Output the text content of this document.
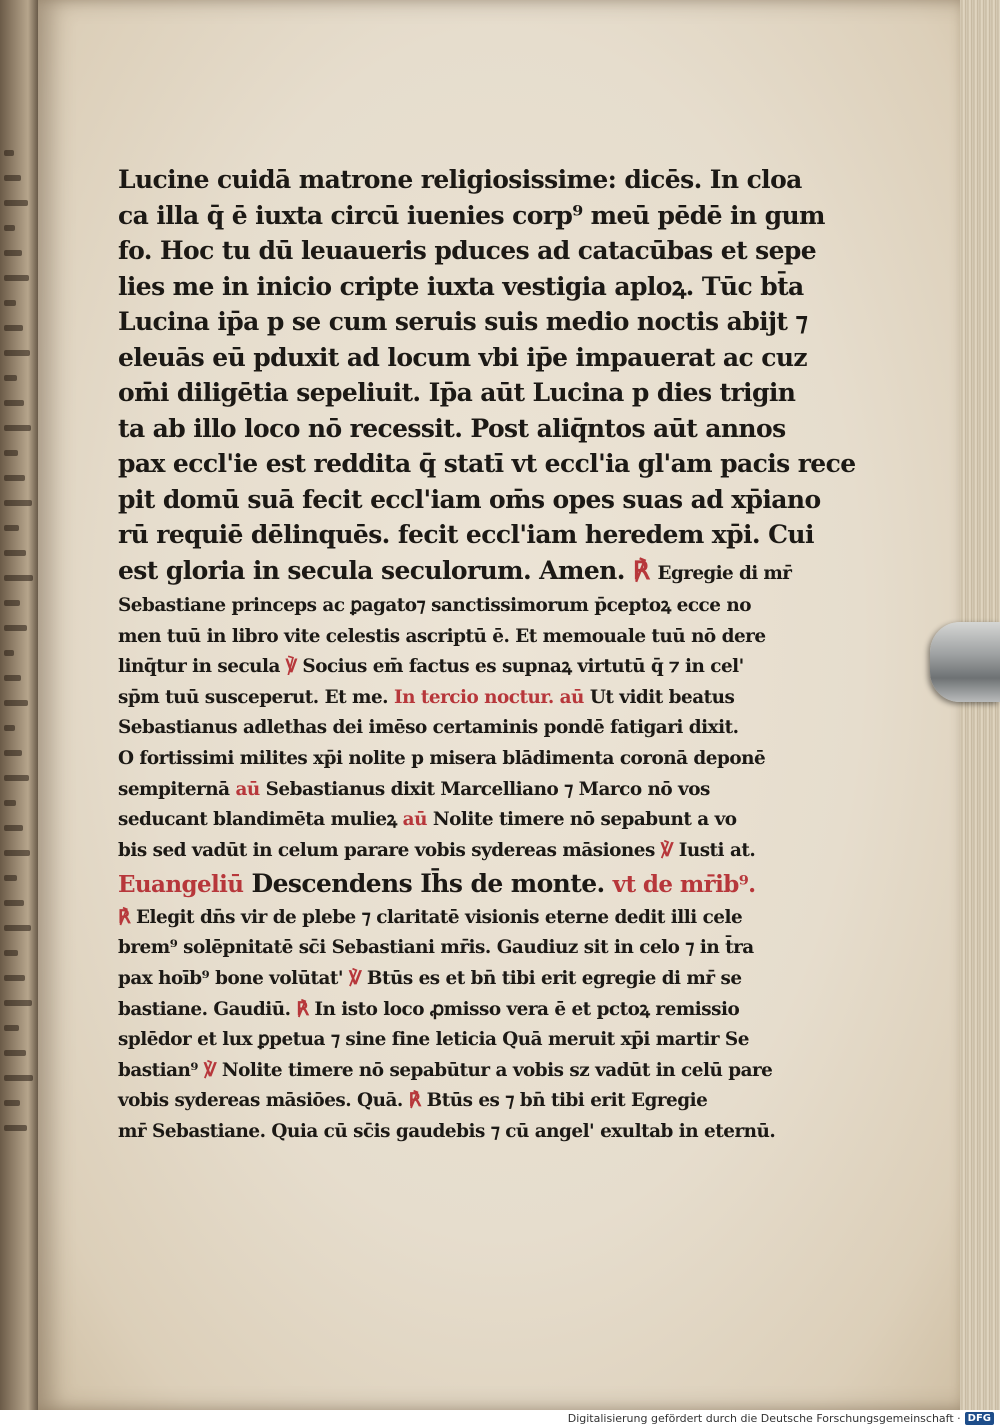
Lucine cuidā matrone religiosissime: dicēs. In cloa
ca illa q̄ ē iuxta circū iuenies corp⁹ meū pēdē in gum
fo. Hoc tu dū leuaueris pduces ad catacūbas et sepe
lies me in inicio cripte iuxta vestigia aploꝝ. Tūc bt̄a
Lucina ip̄a p se cum seruis suis medio noctis abijt ⁊
eleuās eū pduxit ad locum vbi ip̄e impauerat ac cuz
om̄i diligētia sepeliuit. Ip̄a aūt Lucina p dies trigin
ta ab illo loco nō recessit. Post aliq̄ntos aūt annos
pax eccl'ie est reddita q̄ statī vt eccl'ia gl'am pacis rece
pit domū suā fecit eccl'iam om̄s opes suas ad xp̄iano
rū requiē dēlinquēs. fecit eccl'iam heredem xp̄i. Cui
est gloria in secula seculorum. Amen. ℟ Egregie di mr̄
Sebastiane princeps ac ꝑagato⁊ sanctissimorum p̄ceptoꝝ ecce no
men tuū in libro vite celestis ascriptū ē. Et memouale tuū nō dere
linq̄tur in secula ℣ Socius em̄ factus es supnaꝝ virtutū q̄ ⁊ in cel'
sp̄m tuū susceperut. Et me. In tercio noctur. aū Ut vidit beatus
Sebastianus adlethas dei imēso certaminis pondē fatigari dixit.
O fortissimi milites xp̄i nolite p misera blādimenta coronā deponē
sempiternā aū Sebastianus dixit Marcelliano ⁊ Marco nō vos
seducant blandimēta mulieꝝ aū Nolite timere nō sepabunt a vo
bis sed vadūt in celum parare vobis sydereas māsiones ℣ Iusti at.
Euangeliū Descendens Ih̄s de monte. vt de mr̄ib⁹.
℟ Elegit dn̄s vir de plebe ⁊ claritatē visionis eterne dedit illi cele
brem⁹ solēpnitatē sc̄i Sebastiani mr̄is. Gaudiuz sit in celo ⁊ in t̄ra
pax hoīb⁹ bone volūtat' ℣ Btūs es et bn̄ tibi erit egregie di mr̄ se
bastiane. Gaudiū. ℟ In isto loco ꝓmisso vera ē et pctoꝝ remissio
splēdor et lux ꝑpetua ⁊ sine fine leticia Quā meruit xp̄i martir Se
bastian⁹ ℣ Nolite timere nō sepabūtur a vobis sz vadūt in celū pare
vobis sydereas māsiōes. Quā. ℟ Btūs es ⁊ bn̄ tibi erit Egregie
mr̄ Sebastiane. Quia cū sc̄is gaudebis ⁊ cū angel' exultab in eternū.
Digitalisierung gefördert durch die Deutsche Forschungsgemeinschaft · DFG
